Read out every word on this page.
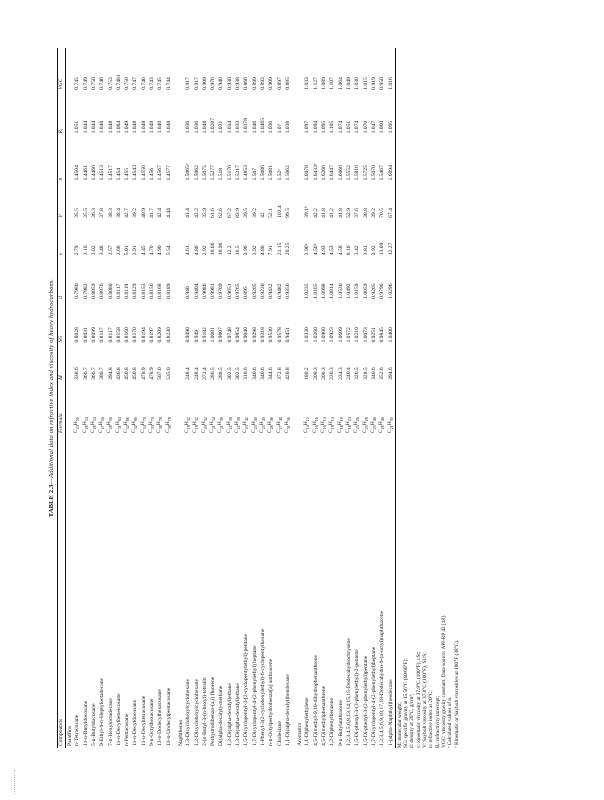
TABLE 2.3—Additional data on refractive index and viscosity of heavy hydrocarbons.
Compounds	Formula	M	SG	d	ν	V	n	Rᵢ	VGC
Paraffins									
n-Tetracosane	$C_{24}H_{50}$	338.6	0.8028	0.7980	2.79	35.5	1.4504	1.051	0.745
11-n-Butyldocosane	$C_{26}H_{54}$	366.7	0.8031	0.7983	3.10	35.5	1.4461	1.044	0.749
5-n-Butyldocosane	$C_{26}H_{54}$	366.7	0.8099	0.8059	3.02	36.3	1.4466	1.044	0.750
9-Ethyl-9-n-Heptyloctadecane	$C_{27}H_{56}$	380.7	0.8117	0.8076	3.48	37.8	1.4513	1.048	0.746
7-n-Hexyloctadecane	$C_{28}H_{58}$	394.8	0.8117	0.8080	3.57	38.3	1.4517	1.048	0.753
11-n-Decylheneicosane	$C_{31}H_{64}$	436.8	0.8158	0.8117	3.66	38.4	1.454	1.084	0.7481
n-Pentacosane	$C_{32}H_{66}$	450.8	0.8160	0.8119	5.01	42.7	1.455	1.049	0.750
11-n-Decyldocosane	$C_{32}H_{66}$	450.8	0.8170	0.8129	3.91	39.2	1.4543	1.048	0.747
11-n-Decyltetracosane	$C_{34}H_{70}$	478.9	0.8194	0.8153	4.45	40.9	1.4556	1.048	0.746
9-n-Octylhexacosane	$C_{34}H_{70}$	478.9	0.8197	0.8156	4.70	41.7	1.456	1.049	0.743
13-n-Dodecylhexacosane	$C_{38}H_{78}$	507.0	0.8209	0.8168	4.90	42.4	1.4567	1.040	0.745
13-n-Undecylpentacosane	$C_{38}H_{78}$	535.0	0.8230	0.8189	5.54	4.44	1.4577	1.048	0.744

Naphthenes									
1,3-Dicyclohexylcyclohexane	$C_{18}H_{32}$	248.4	0.9490	0.940	4.61	41.4	1.5065ᵃ	1.036	0.917
1,2-Dicyclohexylcyclohexane	$C_{18}H_{32}$	248.4	0.949	0.9404	4.86	42.2	1.5062	1.036	0.917
2-(n-Butyl-3-(n-hexyl)-tetralin	$C_{20}H_{32}$	272.4	0.9182	0.9086	2.92	35.9	1.5075	1.048	0.909
Perhydrodibenzo-(a,i) fluorene	$C_{21}H_{34}$	286.5	1.0081	0.9981	10.66	61.6	1.5277	1.0287	0.976
Di(alpha-decalyl)-methane	$C_{21}H_{36}$	288.5	0.9807	0.9709	10.96	62.6	1.518	1.031	0.940
1,2-Di(alpha-decalyl)ethane	$C_{22}H_{38}$	302.5	0.9748	0.9651	12.2	67.2	1.5176	1.034	0.930
1,3-Di(alpha-decalyl)ethane	$C_{22}H_{38}$	302.5	0.9854	0.9765	16.5	83.9	1.5217	1.033	0.938
1,5-Dicyclopentyl-3-[2-cyclopentylethyl]-pentane	$C_{23}H_{42}$	318.6	0.9040	0.895	3.96	39.5	1.4853	1.0378	0.866
1,7-Dicyclopentyl-4-(2-phenylethyl) heptane	$C_{25}H_{40}$	340.6	0.9298	0.9205	3.92	39.2	1.507	1.046	0.899
1-Phenyl-3(2-cyclohexylethyl)-6-cyclopentylhexane	$C_{25}H_{40}$	340.6	0.9318	0.9230	4.80	42	1.5086	1.0465	0.893
n-n-Octylperhydrobenzo[a] anthracene	$C_{26}H_{46}$	344.6	0.9530	0.9432	7.91	52.1	1.5081	1.036	0.909
Cholestane	$C_{27}H_{48}$	372.8	0.9578	0.9482	21.15	103.4	1.52ᵃ	1.0?	0.897
1,1-Di(alpha-decalyl)hendecane	$C_{31}H_{56}$	428.8	0.9451	0.9356	20.25	99.5	1.5062	1.038	0.885

Aromatics									
1,1-Diphenylethylene	$C_{14}H_{12}$	180.2	1.0330	1.0235	3.96ᵇ	39.1ᵇ	1.6078	1.097	1.033
4,5-Dimethyl-9,10-dihydrophenanthrene	$C_{16}H_{16}$	208.3	1.0260	1.0165	4.56ᵇ	42.2	1.6433ᵃ	1.094	1.127
4,5-Dimethylphenanthrene	$C_{16}H_{14}$	206.3	1.0900	1.0998	4.93	41.8	1.6266	1.095	1.089
1,2-Diphenylbenzene	$C_{18}H_{14}$	230.3	1.0923	1.0814	4.53	41.2	1.6447	1.105	1.107
9-n-Butylanthracene	$C_{18}H_{18}$	234.3	1.0609	1.0530	4.58	41.8	1.6066	1.074	1.064
1,2,3,4,5,6,8,13,14,15,15-Dodecahydrochrysene	$C_{18}H_{24}$	240.4	1.0572	1.0492	8.16	52.9	1.5552	1.051	1.049
1,5-Di-phenyl-3-(3-phenylethyl)-2-pentene	$C_{25}H_{26}$	326.5	1.0210	1.0159	3.42	37.6	1.5816	1.074	1.030
1,5-Di-phenyl-3-(2-phenylethyl)pentane	$C_{25}H_{28}$	328.5	1.0073	1.0059	3.81	38.8	1.5725	1.070	1.015
1,7-Dicyclopentyl-4-(2-phenylethyl)heptane	$C_{25}H_{40}$	340.6	0.9251	0.9205	3.92	39.2	1.5070	1.047	0.919
1,2,3,4,5,6,9,10,17,18-Dodecahydro-9-(n-octyl)naphthacene	$C_{26}H_{40}$	352.6	0.9845	0.9796	13.09	70.5	1.5467	1.060	0.950
1-(alpha-Naphthyl)hendecane	$C_{21}H_{30}$	394.6	1.0400	1.0296	12.27	67.4	1.6094	1.095	1.016
M: molecular weight; SG: specific gravity at 15.56°C (60/60°F); d: density at 20°C, g/cm³; ν: kinematic viscosity at 37.8°C (100°F), cSt; V: Saybolt viscosity at 37.8°C (100°F), SUS; n: refractive index at 20°C; Rᵢ: refractivity intercept; VGC: viscosity gravity constant. Data source: API-RP 42 [18]. ᵃ Calculated values of n. ᵇ Kinematic or Saybolt viscosities at 100°F (38°C).
